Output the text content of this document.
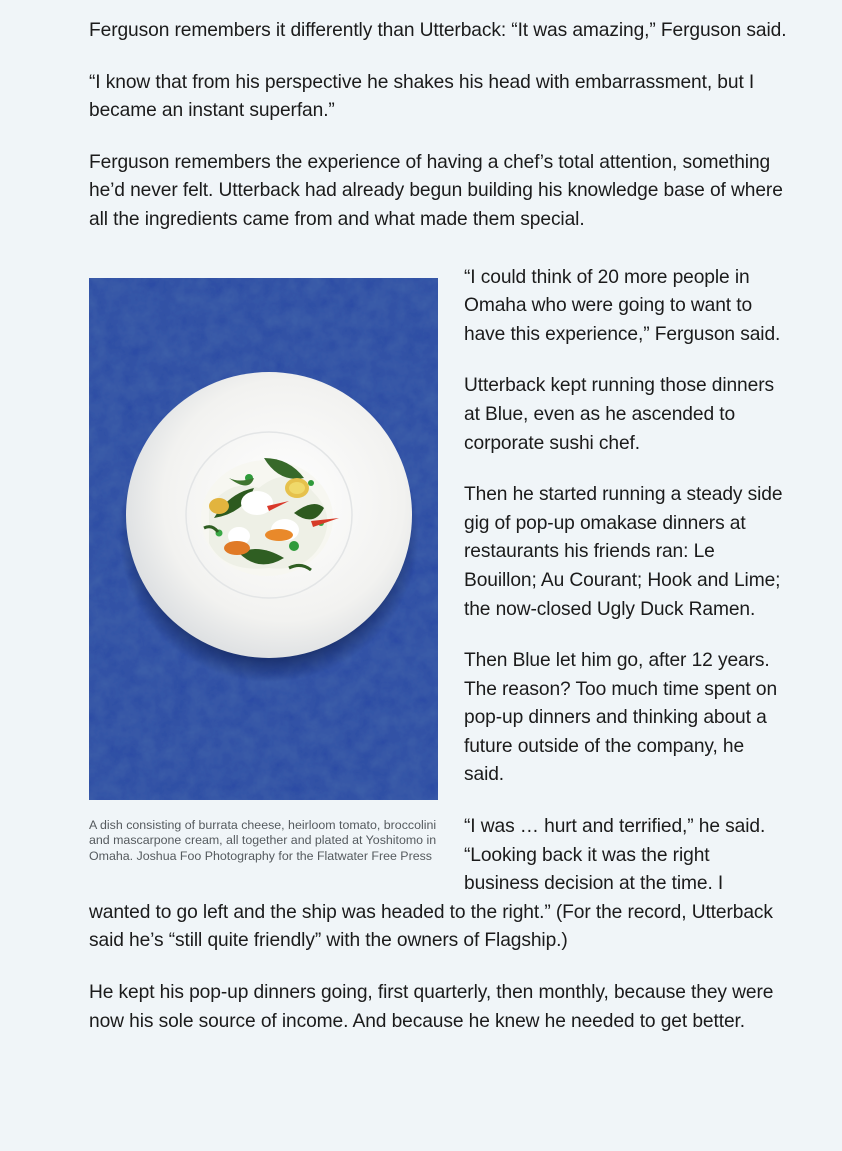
Ferguson remembers it differently than Utterback: “It was amazing,” Ferguson said.

“I know that from his perspective he shakes his head with embarrassment, but I became an instant superfan.”

Ferguson remembers the experience of having a chef’s total attention, something he’d never felt. Utterback had already begun building his knowledge base of where all the ingredients came from and what made them special.

A dish consisting of burrata cheese, heirloom tomato, broccolini and mascarpone cream, all together and plated at Yoshitomo in Omaha. Joshua Foo Photography for the Flatwater Free Press

“I could think of 20 more people in Omaha who were going to want to have this experience,” Ferguson said.

Utterback kept running those dinners at Blue, even as he ascended to corporate sushi chef.

Then he started running a steady side gig of pop-up omakase dinners at restaurants his friends ran: Le Bouillon; Au Courant; Hook and Lime; the now-closed Ugly Duck Ramen.

Then Blue let him go, after 12 years. The reason? Too much time spent on pop-up dinners and thinking about a future outside of the company, he said.

“I was … hurt and terrified,” he said. “Looking back it was the right business decision at the time. I wanted to go left and the ship was headed to the right.” (For the record, Utterback said he’s “still quite friendly” with the owners of Flagship.)

He kept his pop-up dinners going, first quarterly, then monthly, because they were now his sole source of income. And because he knew he needed to get better.
